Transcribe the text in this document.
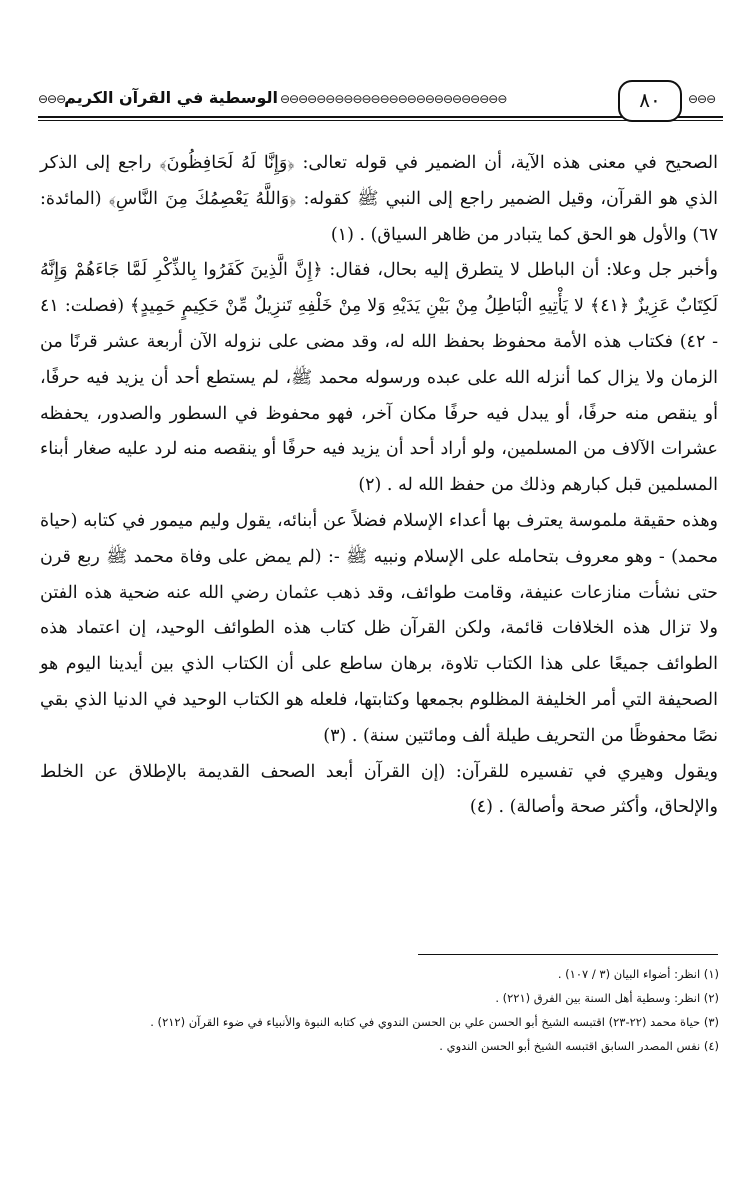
⊖⊖⊖
الوسطية في القرآن الكريم ⊖⊖⊖⊖⊖⊖⊖⊖⊖⊖⊖⊖⊖⊖⊖⊖⊖⊖⊖⊖⊖⊖⊖⊖⊖	٨٠	⊖⊖⊖

الصحيح في معنى هذه الآية، أن الضمير في قوله تعالى: ﴿وَإِنَّا لَهُ لَحَافِظُونَ﴾ راجع إلى الذكر الذي هو القرآن، وقيل الضمير راجع إلى النبي ﷺ كقوله: ﴿وَاللَّهُ يَعْصِمُكَ مِنَ النَّاسِ﴾ (المائدة: ٦٧) والأول هو الحق كما يتبادر من ظاهر السياق) . (١)

وأخبر جل وعلا: أن الباطل لا يتطرق إليه بحال، فقال: ﴿إِنَّ الَّذِينَ كَفَرُوا بِالذِّكْرِ لَمَّا جَاءَهُمْ وَإِنَّهُ لَكِتَابٌ عَزِيزٌ ﴿٤١﴾ لا يَأْتِيهِ الْبَاطِلُ مِنْ بَيْنِ يَدَيْهِ وَلا مِنْ خَلْفِهِ تَنزِيلٌ مِّنْ حَكِيمٍ حَمِيدٍ﴾ (فصلت: ٤١ - ٤٢) فكتاب هذه الأمة محفوظ بحفظ الله له، وقد مضى على نزوله الآن أربعة عشر قرنًا من الزمان ولا يزال كما أنزله الله على عبده ورسوله محمد ﷺ، لم يستطع أحد أن يزيد فيه حرفًا، أو ينقص منه حرفًا، أو يبدل فيه حرفًا مكان آخر، فهو محفوظ في السطور والصدور، يحفظه عشرات الآلاف من المسلمين، ولو أراد أحد أن يزيد فيه حرفًا أو ينقصه منه لرد عليه صغار أبناء المسلمين قبل كبارهم وذلك من حفظ الله له . (٢)

وهذه حقيقة ملموسة يعترف بها أعداء الإسلام فضلاً عن أبنائه، يقول وليم ميمور في كتابه (حياة محمد) - وهو معروف بتحامله على الإسلام ونبيه ﷺ -: (لم يمض على وفاة محمد ﷺ ربع قرن حتى نشأت منازعات عنيفة، وقامت طوائف، وقد ذهب عثمان رضي الله عنه ضحية هذه الفتن ولا تزال هذه الخلافات قائمة، ولكن القرآن ظل كتاب هذه الطوائف الوحيد، إن اعتماد هذه الطوائف جميعًا على هذا الكتاب تلاوة، برهان ساطع على أن الكتاب الذي بين أيدينا اليوم هو الصحيفة التي أمر الخليفة المظلوم بجمعها وكتابتها، فلعله هو الكتاب الوحيد في الدنيا الذي بقي نصًا محفوظًا من التحريف طيلة ألف ومائتين سنة) . (٣)

ويقول وهيري في تفسيره للقرآن: (إن القرآن أبعد الصحف القديمة بالإطلاق عن الخلط والإلحاق، وأكثر صحة وأصالة) . (٤)

(١) انظر: أضواء البيان (٣ / ١٠٧) .

(٢) انظر: وسطية أهل السنة بين الفرق (٢٢١) .

(٣) حياة محمد (٢٢-٢٣) اقتبسه الشيخ أبو الحسن علي بن الحسن الندوي في كتابه النبوة والأنبياء في ضوء القرآن (٢١٢) .

(٤) نفس المصدر السابق اقتبسه الشيخ أبو الحسن الندوي .
